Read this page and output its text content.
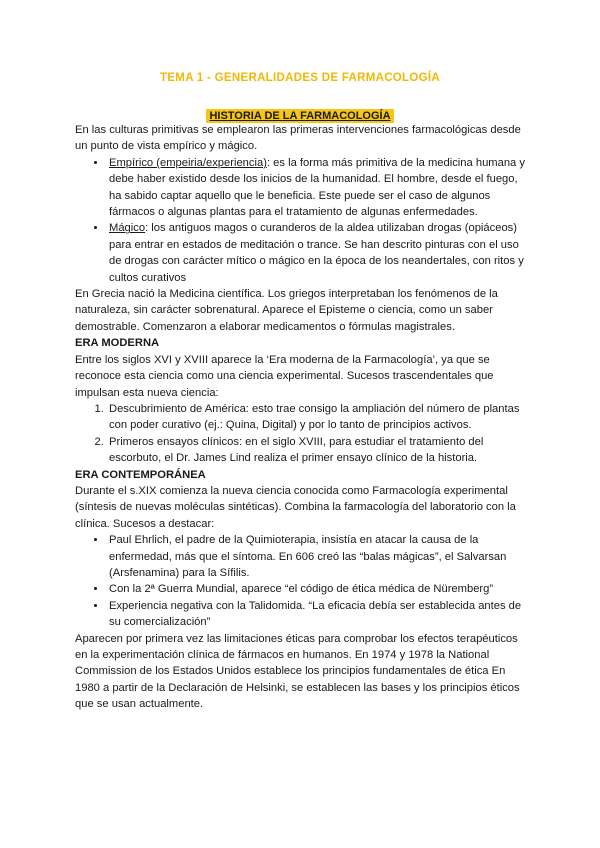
TEMA 1 - GENERALIDADES DE FARMACOLOGÍA
HISTORIA DE LA FARMACOLOGÍA

En las culturas primitivas se emplearon las primeras intervenciones farmacológicas desde un punto de vista empírico y mágico.

• Empírico (empeiria/experiencia): es la forma más primitiva de la medicina humana y debe haber existido desde los inicios de la humanidad. El hombre, desde el fuego, ha sabido captar aquello que le beneficia. Este puede ser el caso de algunos fármacos o algunas plantas para el tratamiento de algunas enfermedades.
• Mágico: los antiguos magos o curanderos de la aldea utilizaban drogas (opiáceos) para entrar en estados de meditación o trance. Se han descrito pinturas con el uso de drogas con carácter mítico o mágico en la época de los neandertales, con ritos y cultos curativos

En Grecia nació la Medicina científica. Los griegos interpretaban los fenómenos de la naturaleza, sin carácter sobrenatural. Aparece el Episteme o ciencia, como un saber demostrable. Comenzaron a elaborar medicamentos o fórmulas magistrales.

ERA MODERNA

Entre los siglos XVI y XVIII aparece la ‘Era moderna de la Farmacología’, ya que se reconoce esta ciencia como una ciencia experimental. Sucesos trascendentales que impulsan esta nueva ciencia:

1. Descubrimiento de América: esto trae consigo la ampliación del número de plantas con poder curativo (ej.: Quina, Digital) y por lo tanto de principios activos.
2. Primeros ensayos clínicos: en el siglo XVIII, para estudiar el tratamiento del escorbuto, el Dr. James Lind realiza el primer ensayo clínico de la historia.

ERA CONTEMPORÁNEA

Durante el s.XIX comienza la nueva ciencia conocida como Farmacología experimental (síntesis de nuevas moléculas sintéticas). Combina la farmacología del laboratorio con la clínica. Sucesos a destacar:

• Paul Ehrlich, el padre de la Quimioterapia, insistía en atacar la causa de la enfermedad, más que el síntoma. En 606 creó las “balas mágicas”, el Salvarsan (Arsfenamina) para la Sífilis.
• Con la 2ª Guerra Mundial, aparece “el código de ética médica de Nüremberg”
• Experiencia negativa con la Talidomida. “La eficacia debía ser establecida antes de su comercialización”

Aparecen por primera vez las limitaciones éticas para comprobar los efectos terapéuticos en la experimentación clínica de fármacos en humanos. En 1974 y 1978 la National Commission de los Estados Unidos establece los principios fundamentales de ética En 1980 a partir de la Declaración de Helsinki, se establecen las bases y los principios éticos que se usan actualmente.
